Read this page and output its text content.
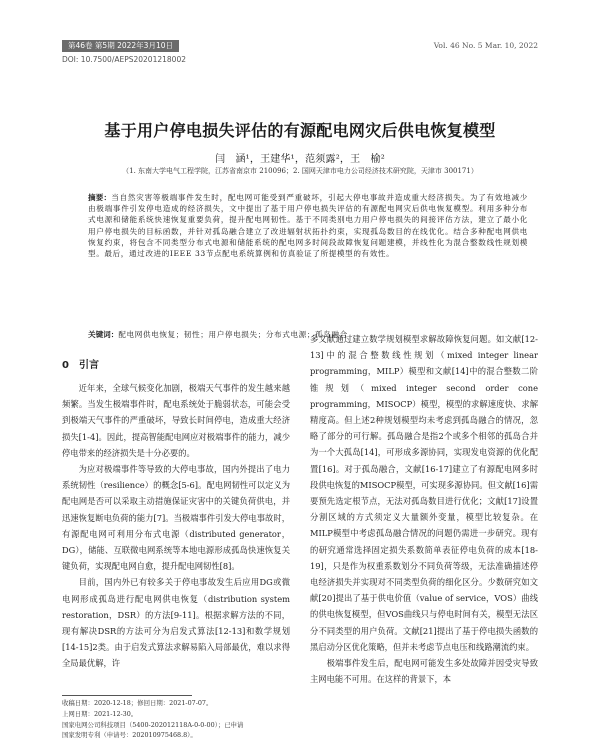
第46卷 第5期 2022年3月10日	Vol. 46 No. 5 Mar. 10, 2022
DOI: 10.7500/AEPS20201218002
基于用户停电损失评估的有源配电网灾后供电恢复模型
闫　涵¹，王建华¹，范须露²，王　榆²
（1. 东南大学电气工程学院，江苏省南京市 210096；2. 国网天津市电力公司经济技术研究院，天津市 300171）
摘要：当自然灾害等极端事件发生时，配电网可能受到严重破坏，引起大停电事故并造成重大经济损失。为了有效地减少由极端事件引发停电造成的经济损失，文中提出了基于用户停电损失评估的有源配电网灾后供电恢复模型。利用多种分布式电源和储能系统快速恢复重要负荷，提升配电网韧性。基于不同类别电力用户停电损失的间接评估方法，建立了最小化用户停电损失的目标函数，并针对孤岛融合建立了改进辐射状拓扑约束，实现孤岛数目的在线优化。结合多种配电网供电恢复约束，将包含不同类型分布式电源和储能系统的配电网多时间段故障恢复问题建模，并线性化为混合整数线性规划模型。最后，通过改进的IEEE 33节点配电系统算例和仿真验证了所提模型的有效性。
关键词：配电网供电恢复；韧性；用户停电损失；分布式电源；孤岛融合
0　引言

近年来，全球气候变化加剧，极端天气事件的发生越来越频繁。当发生极端事件时，配电系统处于脆弱状态，可能会受到极端天气事件的严重破坏，导致长时间停电，造成重大经济损失[1-4]。因此，提高智能配电网应对极端事件的能力，减少停电带来的经济损失是十分必要的。

为应对极端事件等导致的大停电事故，国内外提出了电力系统韧性（resilience）的概念[5-6]。配电网韧性可以定义为配电网是否可以采取主动措施保证灾害中的关键负荷供电，并迅速恢复断电负荷的能力[7]。当极端事件引发大停电事故时，有源配电网可利用分布式电源（distributed generator，DG），储能、互联微电网系统等本地电源形成孤岛快速恢复关键负荷，实现配电网自愈，提升配电网韧性[8]。

目前，国内外已有较多关于停电事故发生后应用DG或微电网形成孤岛进行配电网供电恢复（distribution system restoration，DSR）的方法[9-11]。根据求解方法的不同，现有解决DSR的方法可分为启发式算法[12-13]和数学规划[14-15]2类。由于启发式算法求解易陷入局部最优，难以求得全局最优解，许

多文献通过建立数学规划模型求解故障恢复问题。如文献[12-13]中的混合整数线性规划（mixed integer linear programming，MILP）模型和文献[14]中的混合整数二阶锥规划（mixed integer second order cone programming，MISOCP）模型，模型的求解速度快、求解精度高。但上述2种规划模型均未考虑到孤岛融合的情况，忽略了部分的可行解。孤岛融合是指2个或多个相邻的孤岛合并为一个大孤岛[14]，可形成多源协同，实现发电资源的优化配置[16]。对于孤岛融合，文献[16-17]建立了有源配电网多时段供电恢复的MISOCP模型，可实现多源协同。但文献[16]需要预先选定根节点，无法对孤岛数目进行优化；文献[17]设置分割区域的方式须定义大量额外变量，模型比较复杂。在MILP模型中考虑孤岛融合情况的问题仍需进一步研究。现有的研究通常选择固定损失系数简单表征停电负荷的成本[18-19]，只是作为权重系数划分不同负荷等级，无法准确描述停电经济损失并实现对不同类型负荷的细化区分。少数研究如文献[20]提出了基于供电价值（value of service，VOS）曲线的供电恢复模型，但VOS曲线只与停电时间有关，模型无法区分不同类型的用户负荷。文献[21]提出了基于停电损失函数的黑启动分区优化策略，但并未考虑节点电压和线路潮流约束。

极端事件发生后，配电网可能发生多处故障并因受灾导致主网电能不可用。在这样的背景下，本

收稿日期：2020-12-18；修回日期：2021-07-07。
上网日期：2021-12-30。
国家电网公司科技项目（5400-202012118A-0-0-00）；已申请
国家发明专利（申请号：202010975468.8）。
